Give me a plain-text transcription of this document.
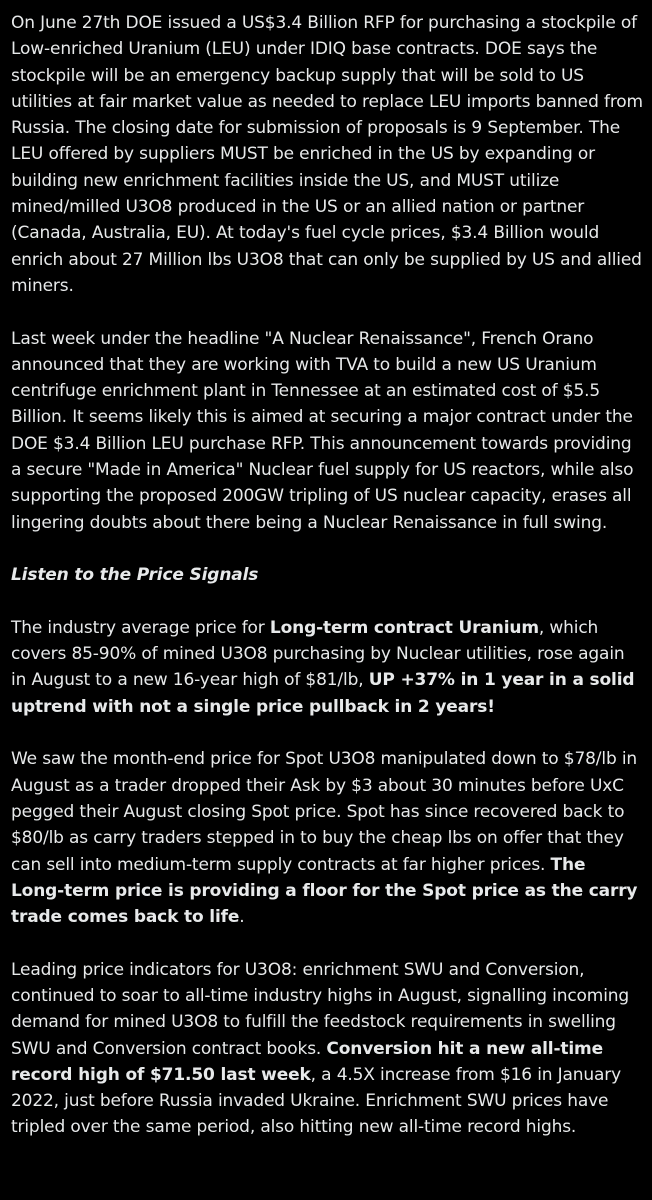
On June 27th DOE issued a US$3.4 Billion RFP for purchasing a stockpile of Low-enriched Uranium (LEU) under IDIQ base contracts. DOE says the stockpile will be an emergency backup supply that will be sold to US utilities at fair market value as needed to replace LEU imports banned from Russia. The closing date for submission of proposals is 9 September. The LEU offered by suppliers MUST be enriched in the US by expanding or building new enrichment facilities inside the US, and MUST utilize mined/milled U3O8 produced in the US or an allied nation or partner (Canada, Australia, EU). At today's fuel cycle prices, $3.4 Billion would enrich about 27 Million lbs U3O8 that can only be supplied by US and allied miners.

Last week under the headline "A Nuclear Renaissance", French Orano announced that they are working with TVA to build a new US Uranium centrifuge enrichment plant in Tennessee at an estimated cost of $5.5 Billion. It seems likely this is aimed at securing a major contract under the DOE $3.4 Billion LEU purchase RFP. This announcement towards providing a secure "Made in America" Nuclear fuel supply for US reactors, while also supporting the proposed 200GW tripling of US nuclear capacity, erases all lingering doubts about there being a Nuclear Renaissance in full swing.

Listen to the Price Signals

The industry average price for Long-term contract Uranium, which covers 85-90% of mined U3O8 purchasing by Nuclear utilities, rose again in August to a new 16-year high of $81/lb, UP +37% in 1 year in a solid uptrend with not a single price pullback in 2 years!

We saw the month-end price for Spot U3O8 manipulated down to $78/lb in August as a trader dropped their Ask by $3 about 30 minutes before UxC pegged their August closing Spot price. Spot has since recovered back to $80/lb as carry traders stepped in to buy the cheap lbs on offer that they can sell into medium-term supply contracts at far higher prices. The Long-term price is providing a floor for the Spot price as the carry trade comes back to life.

Leading price indicators for U3O8: enrichment SWU and Conversion, continued to soar to all-time industry highs in August, signalling incoming demand for mined U3O8 to fulfill the feedstock requirements in swelling SWU and Conversion contract books. Conversion hit a new all-time record high of $71.50 last week, a 4.5X increase from $16 in January 2022, just before Russia invaded Ukraine. Enrichment SWU prices have tripled over the same period, also hitting new all-time record highs.
